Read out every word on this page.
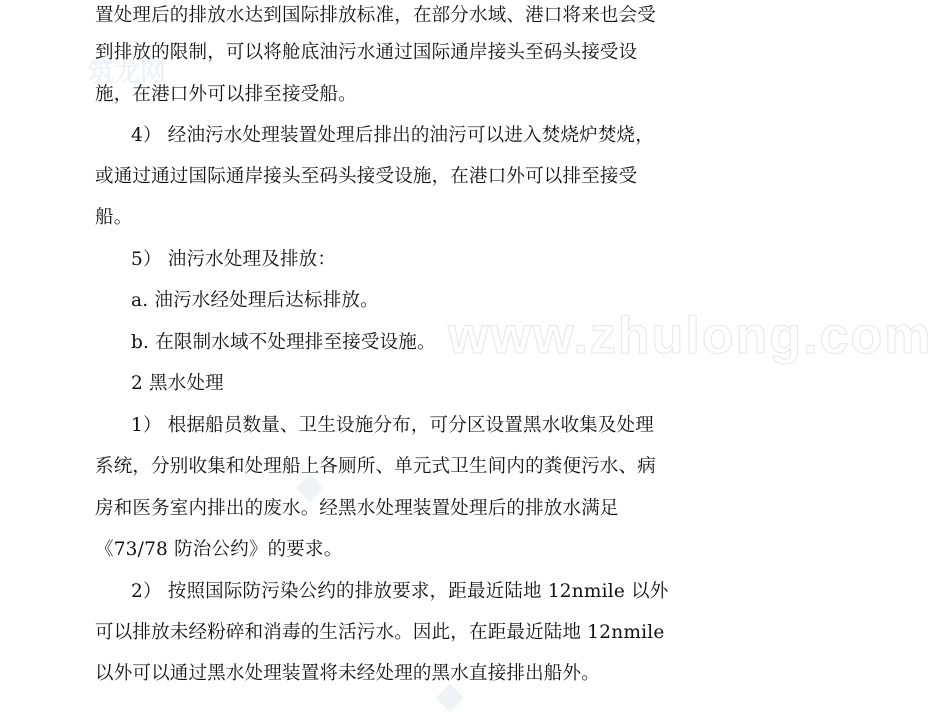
筑龙网
www.zhulong.com
置处理后的排放水达到国际排放标准，在部分水域、港口将来也会受
到排放的限制，可以将舱底油污水通过国际通岸接头至码头接受设
施，在港口外可以排至接受船。
4） 经油污水处理装置处理后排出的油污可以进入焚烧炉焚烧，
或通过通过国际通岸接头至码头接受设施，在港口外可以排至接受
船。
5） 油污水处理及排放：
a. 油污水经处理后达标排放。
b. 在限制水域不处理排至接受设施。
2 黑水处理
1） 根据船员数量、卫生设施分布，可分区设置黑水收集及处理
系统，分别收集和处理船上各厕所、单元式卫生间内的粪便污水、病
房和医务室内排出的废水。经黑水处理装置处理后的排放水满足
《73/78 防治公约》的要求。
2） 按照国际防污染公约的排放要求，距最近陆地 12nmile 以外
可以排放未经粉碎和消毒的生活污水。因此，在距最近陆地 12nmile
以外可以通过黑水处理装置将未经处理的黑水直接排出船外。
